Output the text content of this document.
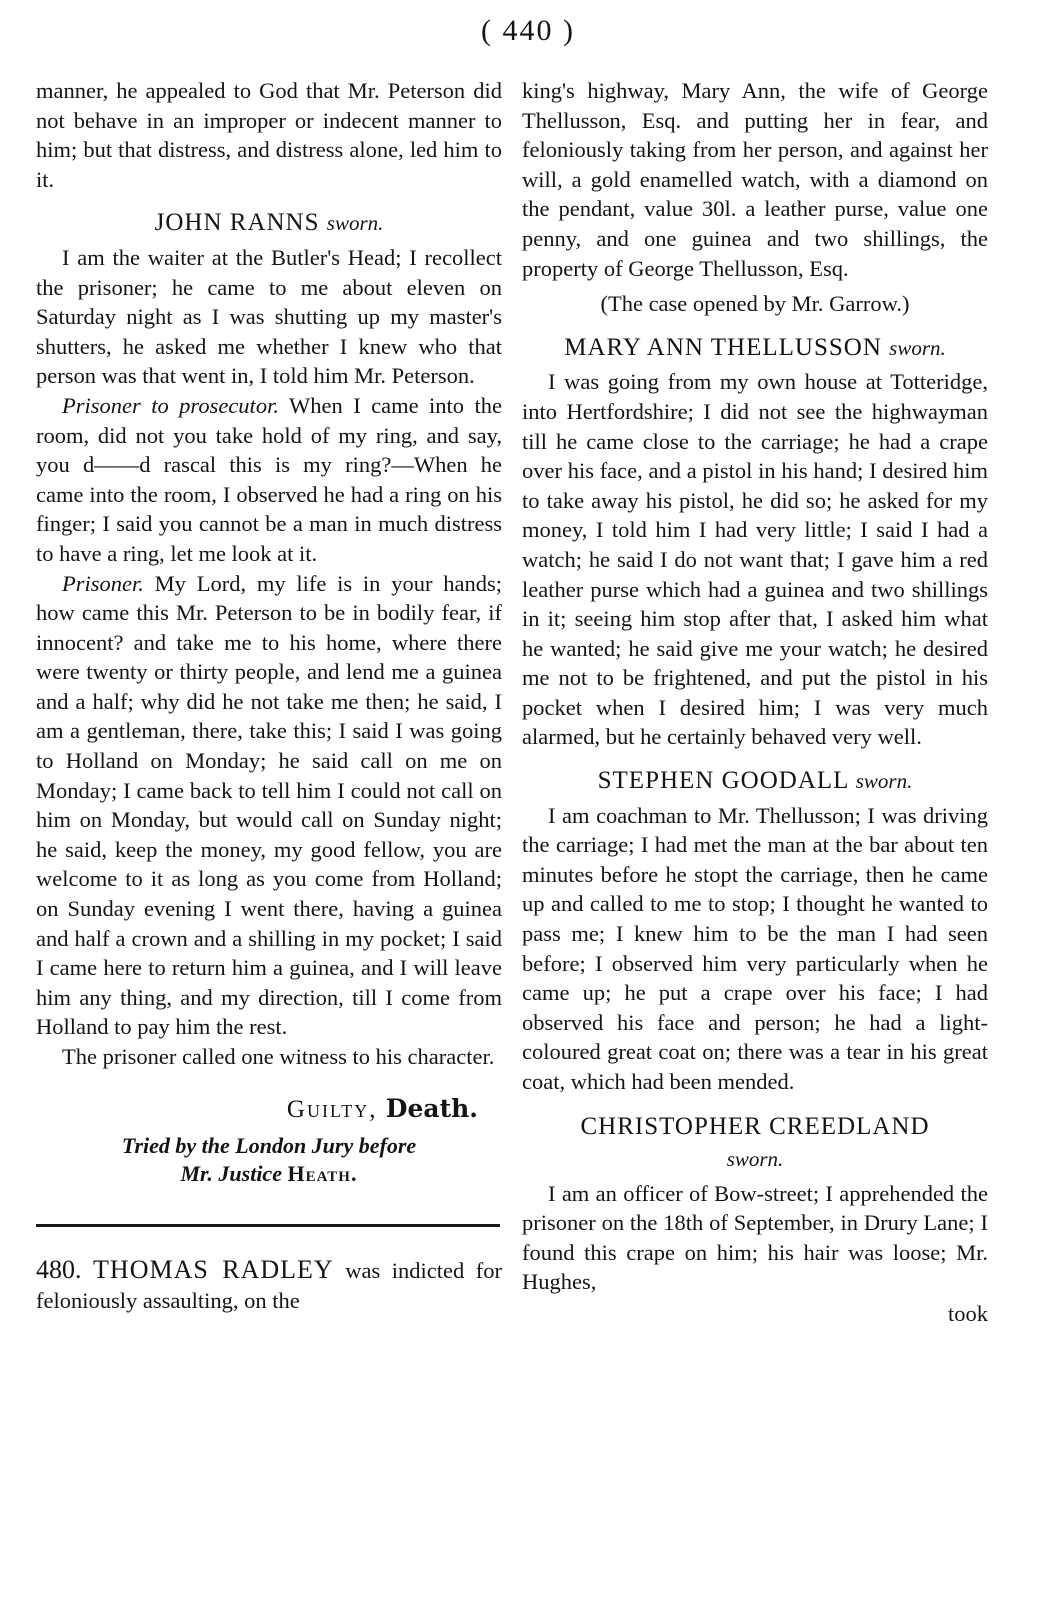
( 440 )

manner, he appealed to God that Mr. Peterson did not behave in an improper or indecent manner to him; but that distress, and distress alone, led him to it.

JOHN RANNS sworn.

I am the waiter at the Butler's Head; I recollect the prisoner; he came to me about eleven on Saturday night as I was shutting up my master's shutters, he asked me whether I knew who that person was that went in, I told him Mr. Peterson.

Prisoner to prosecutor. When I came into the room, did not you take hold of my ring, and say, you d——d rascal this is my ring?—When he came into the room, I observed he had a ring on his finger; I said you cannot be a man in much distress to have a ring, let me look at it.

Prisoner. My Lord, my life is in your hands; how came this Mr. Peterson to be in bodily fear, if innocent? and take me to his home, where there were twenty or thirty people, and lend me a guinea and a half; why did he not take me then; he said, I am a gentleman, there, take this; I said I was going to Holland on Monday; he said call on me on Monday; I came back to tell him I could not call on him on Monday, but would call on Sunday night; he said, keep the money, my good fellow, you are welcome to it as long as you come from Holland; on Sunday evening I went there, having a guinea and half a crown and a shilling in my pocket; I said I came here to return him a guinea, and I will leave him any thing, and my direction, till I come from Holland to pay him the rest.

The prisoner called one witness to his character.

Guilty, Death.
Tried by the London Jury before
Mr. Justice Heath.

480. THOMAS RADLEY was indicted for feloniously assaulting, on the

king's highway, Mary Ann, the wife of George Thellusson, Esq. and putting her in fear, and feloniously taking from her person, and against her will, a gold enamelled watch, with a diamond on the pendant, value 30l. a leather purse, value one penny, and one guinea and two shillings, the property of George Thellusson, Esq.

(The case opened by Mr. Garrow.)

MARY ANN THELLUSSON sworn.

I was going from my own house at Totteridge, into Hertfordshire; I did not see the highwayman till he came close to the carriage; he had a crape over his face, and a pistol in his hand; I desired him to take away his pistol, he did so; he asked for my money, I told him I had very little; I said I had a watch; he said I do not want that; I gave him a red leather purse which had a guinea and two shillings in it; seeing him stop after that, I asked him what he wanted; he said give me your watch; he desired me not to be frightened, and put the pistol in his pocket when I desired him; I was very much alarmed, but he certainly behaved very well.

STEPHEN GOODALL sworn.

I am coachman to Mr. Thellusson; I was driving the carriage; I had met the man at the bar about ten minutes before he stopt the carriage, then he came up and called to me to stop; I thought he wanted to pass me; I knew him to be the man I had seen before; I observed him very particularly when he came up; he put a crape over his face; I had observed his face and person; he had a light-coloured great coat on; there was a tear in his great coat, which had been mended.

CHRISTOPHER CREEDLAND
sworn.

I am an officer of Bow-street; I apprehended the prisoner on the 18th of September, in Drury Lane; I found this crape on him; his hair was loose; Mr. Hughes,

took
